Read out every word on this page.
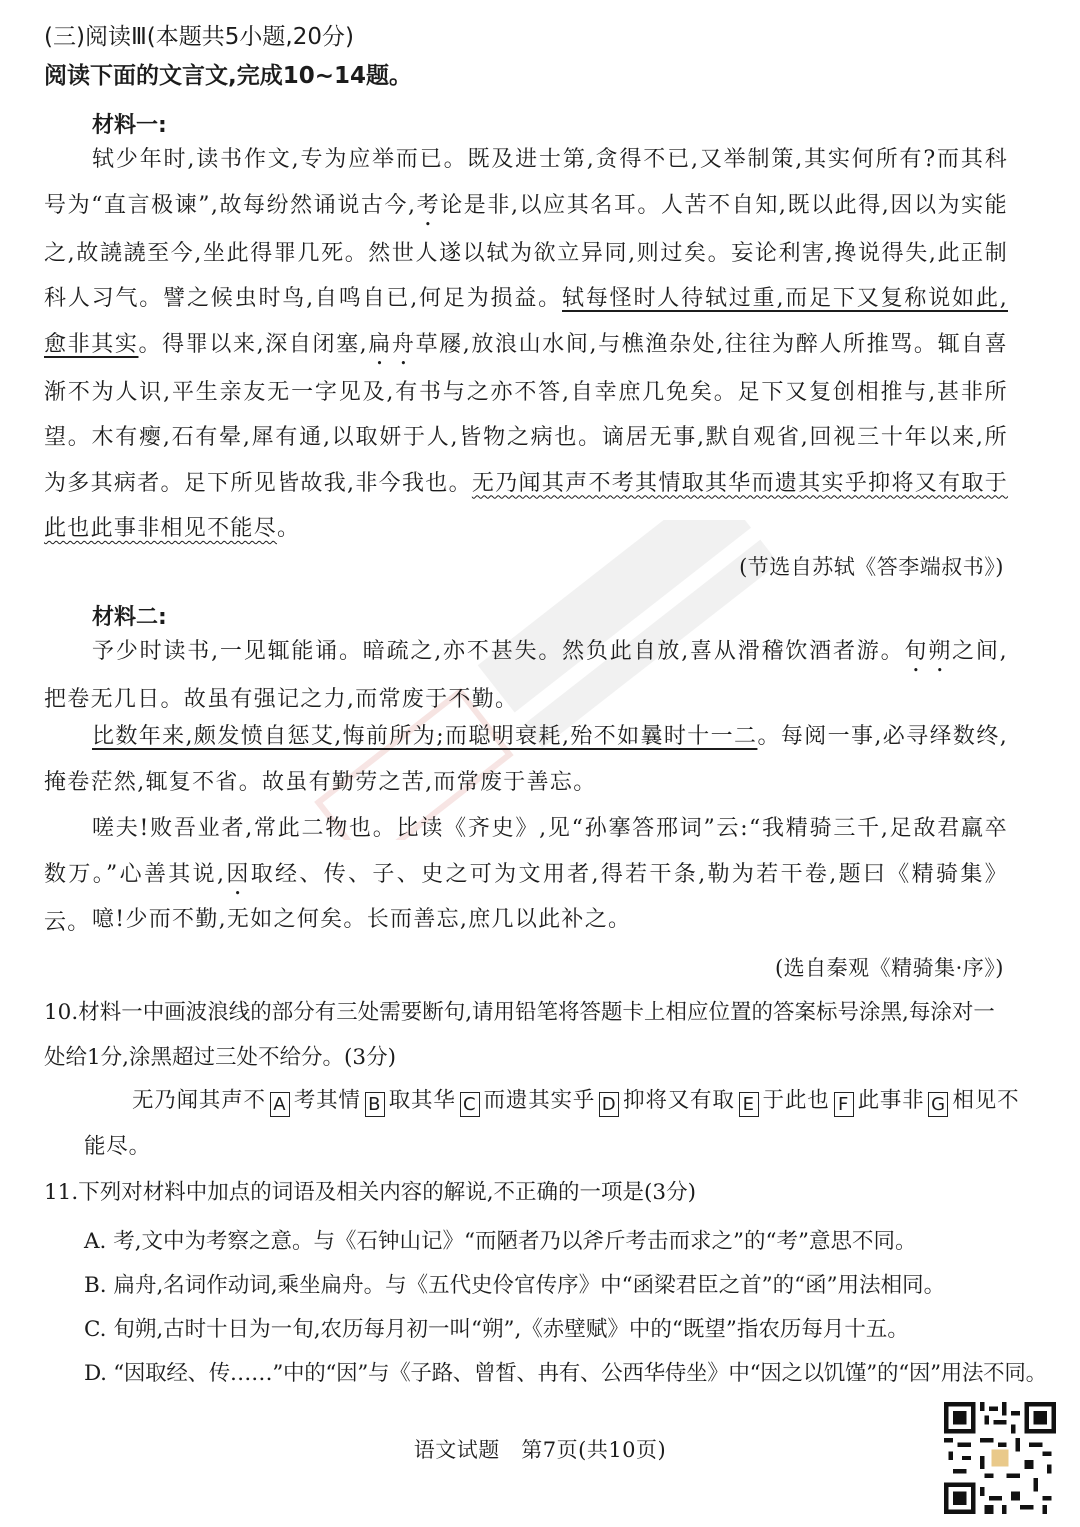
(三)阅读Ⅲ(本题共5小题,20分)
阅读下面的文言文,完成10~14题。
材料一:

轼少年时,读书作文,专为应举而已。既及进士第,贪得不已,又举制策,其实何所有?而其科号为“直言极谏”,故每纷然诵说古今,考论是非,以应其名耳。人苦不自知,既以此得,因以为实能之,故譊譊至今,坐此得罪几死。然世人遂以轼为欲立异同,则过矣。妄论利害,搀说得失,此正制科人习气。譬之候虫时鸟,自鸣自已,何足为损益。轼每怪时人待轼过重,而足下又复称说如此,愈非其实。得罪以来,深自闭塞,扁舟草屦,放浪山水间,与樵渔杂处,往往为醉人所推骂。辄自喜渐不为人识,平生亲友无一字见及,有书与之亦不答,自幸庶几免矣。足下又复创相推与,甚非所望。木有瘿,石有晕,犀有通,以取妍于人,皆物之病也。谪居无事,默自观省,回视三十年以来,所为多其病者。足下所见皆故我,非今我也。无乃闻其声不考其情取其华而遗其实乎抑将又有取于此也此事非相见不能尽。

(节选自苏轼《答李端叔书》)
材料二:

予少时读书,一见辄能诵。暗疏之,亦不甚失。然负此自放,喜从滑稽饮酒者游。旬朔之间,把卷无几日。故虽有强记之力,而常废于不勤。

比数年来,颇发愤自惩艾,悔前所为;而聪明衰耗,殆不如曩时十一二。每阅一事,必寻绎数终,掩卷茫然,辄复不省。故虽有勤劳之苦,而常废于善忘。

嗟夫!败吾业者,常此二物也。比读《齐史》,见“孙搴答邢词”云:“我精骑三千,足敌君羸卒数万。”心善其说,因取经、传、子、史之可为文用者,得若干条,勒为若干卷,题曰《精骑集》云。 噫!少而不勤,无如之何矣。长而善忘,庶几以此补之。

(选自秦观《精骑集·序》)

10.材料一中画波浪线的部分有三处需要断句,请用铅笔将答题卡上相应位置的答案标号涂黑,每涂对一处给1分,涂黑超过三处不给分。(3分)

无乃闻其声不 A 考其情 B 取其华 C 而遗其实乎 D 抑将又有取 E 于此也 F 此事非 G 相见不能尽。

11.下列对材料中加点的词语及相关内容的解说,不正确的一项是(3分)

A. 考,文中为考察之意。与《石钟山记》“而陋者乃以斧斤考击而求之”的“考”意思不同。
B. 扁舟,名词作动词,乘坐扁舟。与《五代史伶官传序》中“函梁君臣之首”的“函”用法相同。
C. 旬朔,古时十日为一旬,农历每月初一叫“朔”,《赤壁赋》中的“既望”指农历每月十五。
D. “因取经、传……”中的“因”与《子路、曾皙、冉有、公西华侍坐》中“因之以饥馑”的“因”用法不同。
语文试题　第7页(共10页)
